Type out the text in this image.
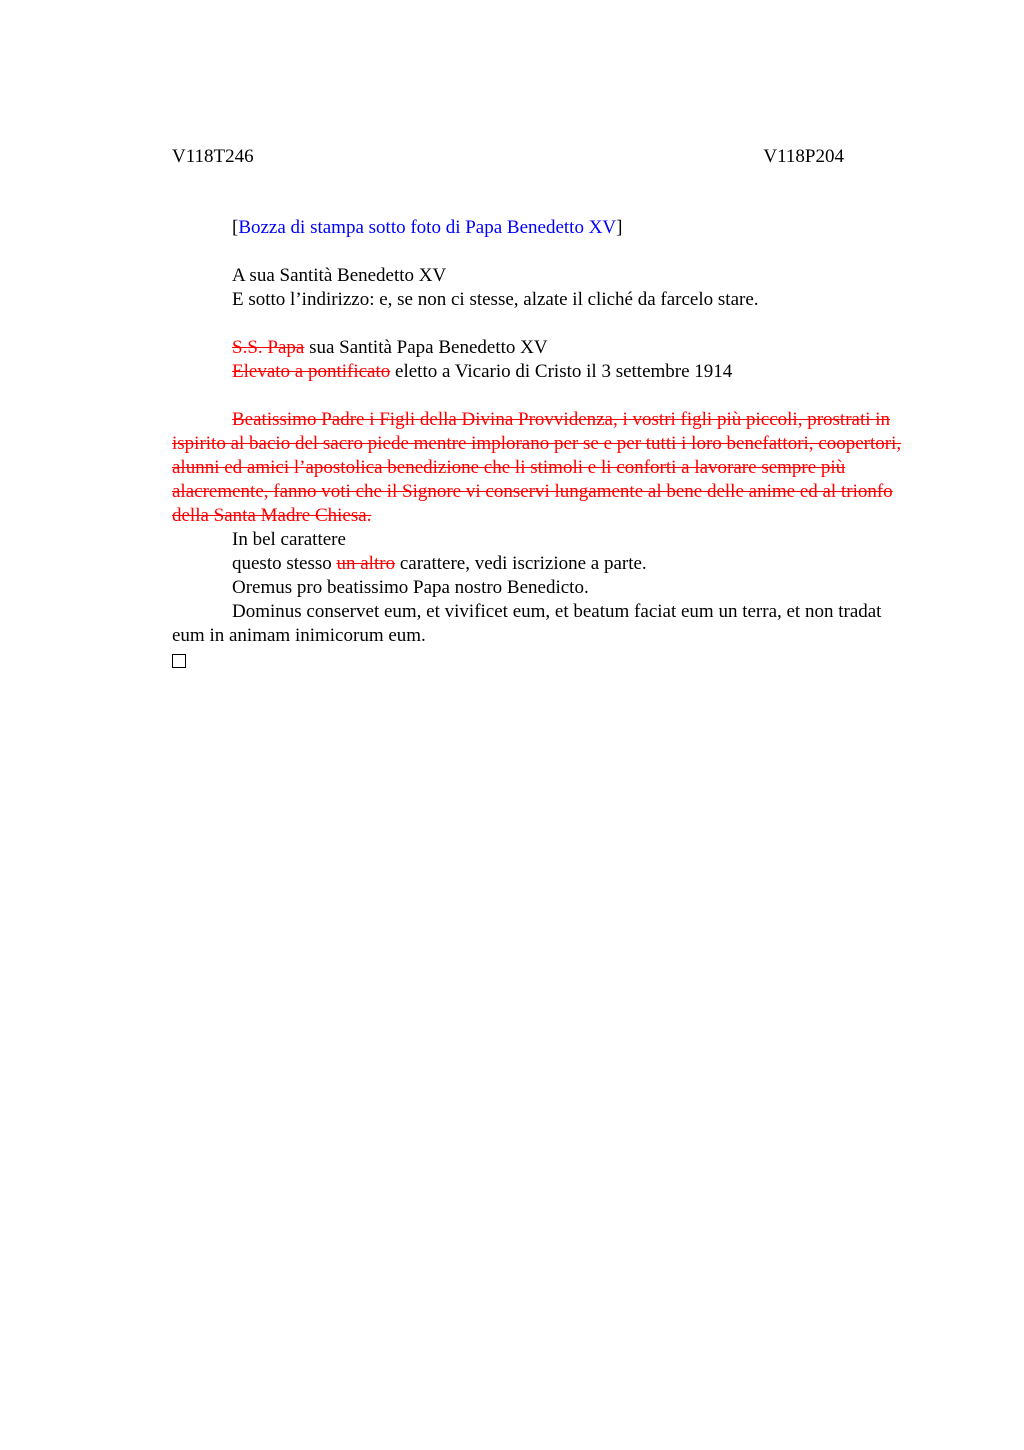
V118T246	V118P204
[Bozza di stampa sotto foto di Papa Benedetto XV]
A sua Santità Benedetto XV
E sotto l’indirizzo: e, se non ci stesse, alzate il cliché da farcelo stare.
S.S. Papa sua Santità Papa Benedetto XV
Elevato a pontificato eletto a Vicario di Cristo il 3 settembre 1914
Beatissimo Padre i Figli della Divina Provvidenza, i vostri figli più piccoli, prostrati in ispirito al bacio del sacro piede mentre implorano per se e per tutti i loro benefattori, coopertori, alunni ed amici l’apostolica benedizione che li stimoli e li conforti a lavorare sempre più alacremente, fanno voti che il Signore vi conservi lungamente al bene delle anime ed al trionfo della Santa Madre Chiesa.
In bel carattere
questo stesso un altro carattere, vedi iscrizione a parte.
Oremus pro beatissimo Papa nostro Benedicto.
Dominus conservet eum, et vivificet eum, et beatum faciat eum un terra, et non tradat eum in animam inimicorum eum.
